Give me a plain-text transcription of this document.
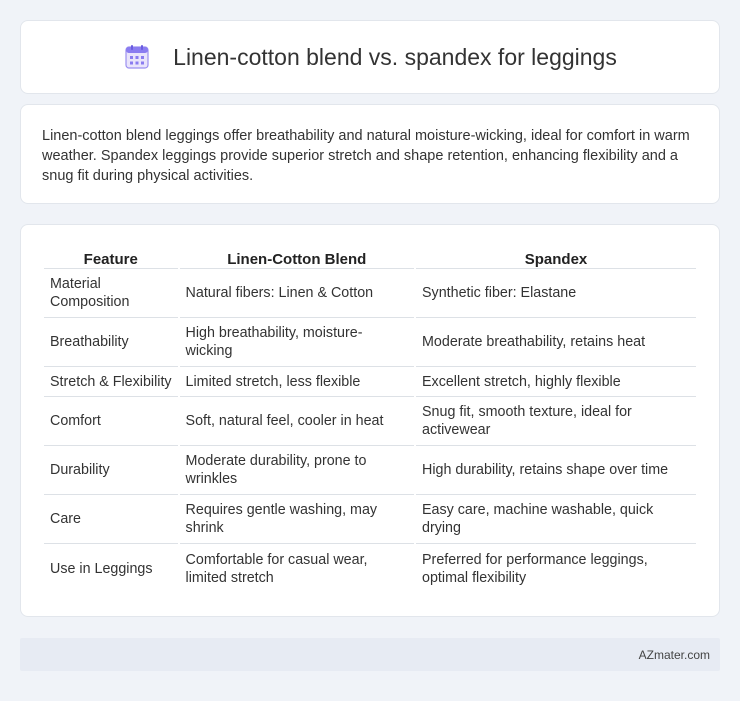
Linen-cotton blend vs. spandex for leggings

Linen-cotton blend leggings offer breathability and natural moisture-wicking, ideal for comfort in warm weather. Spandex leggings provide superior stretch and shape retention, enhancing flexibility and a snug fit during physical activities.

Feature	Linen-Cotton Blend	Spandex
Material Composition	Natural fibers: Linen & Cotton	Synthetic fiber: Elastane
Breathability	High breathability, moisture-wicking	Moderate breathability, retains heat
Stretch & Flexibility	Limited stretch, less flexible	Excellent stretch, highly flexible
Comfort	Soft, natural feel, cooler in heat	Snug fit, smooth texture, ideal for activewear
Durability	Moderate durability, prone to wrinkles	High durability, retains shape over time
Care	Requires gentle washing, may shrink	Easy care, machine washable, quick drying
Use in Leggings	Comfortable for casual wear, limited stretch	Preferred for performance leggings, optimal flexibility
AZmater.com
